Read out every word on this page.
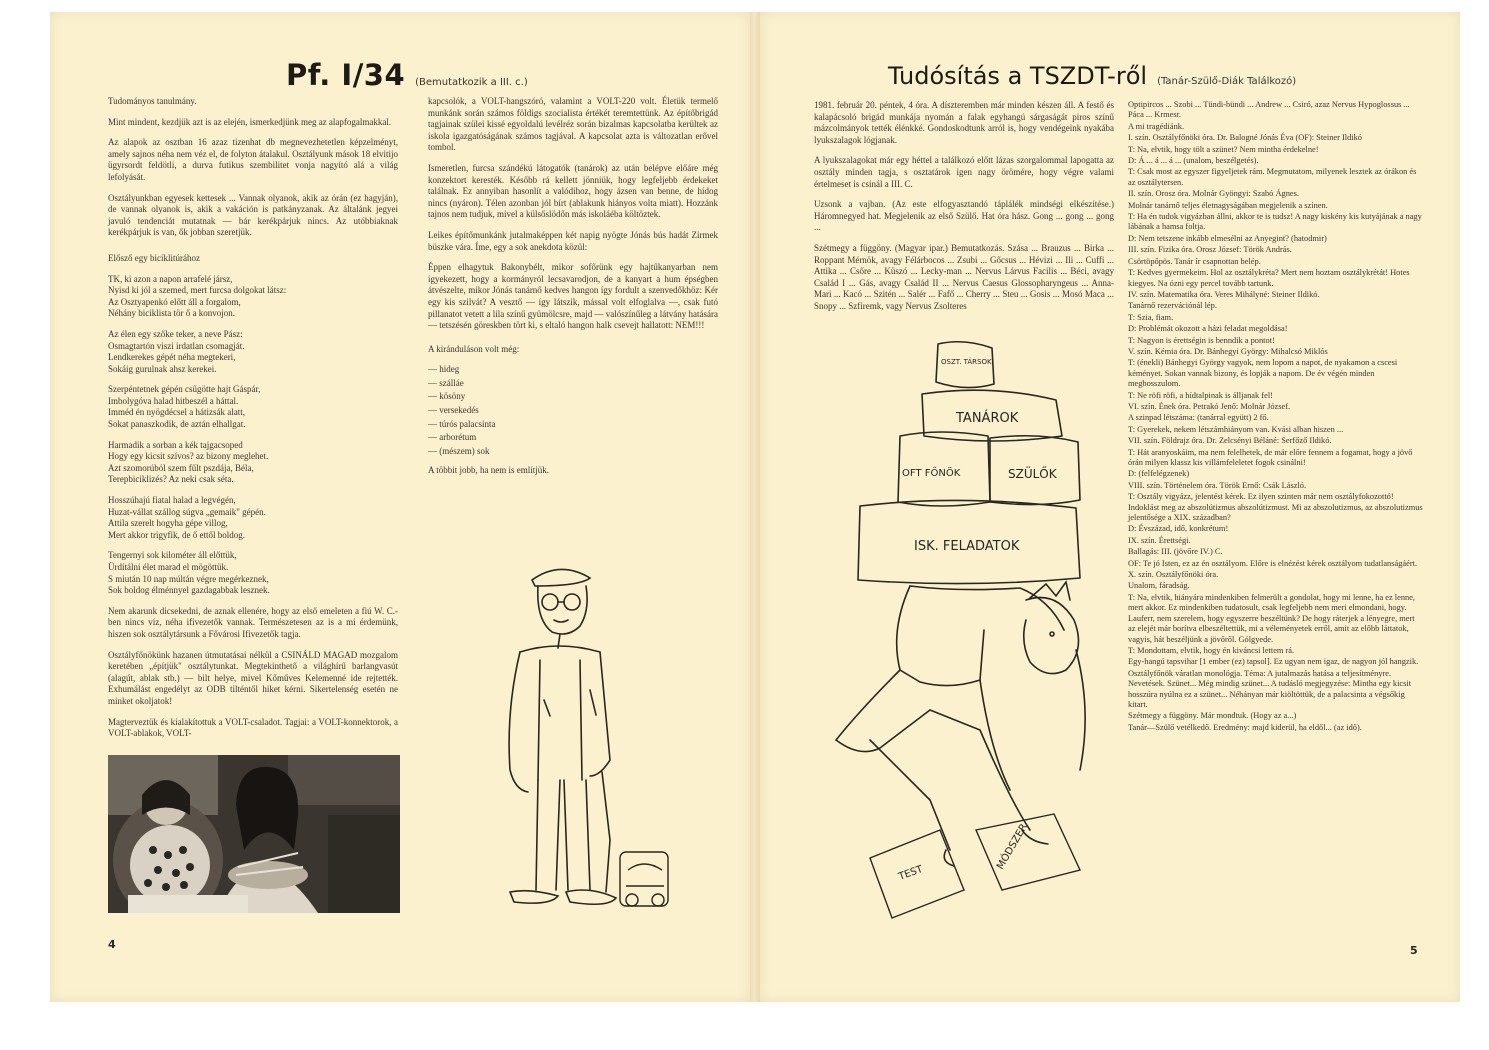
Pf. I/34 (Bemutatkozik a III. c.)

Tudományos tanulmány.

Mint mindent, kezdjük azt is az elején, ismerkedjünk meg az alapfogalmakkal.

Az alapok az osztban 16 azaz tizenhat db megnevezhetetlen képzelményt, amely sajnos néha nem véz el, de folyton átalakul. Osztályunk mások 18 elvitijo ügyrsordt feldötli, a durva futikus szembilitet vonja nagyító alá a világ lefolyását.

Osztályunkban egyesek kettesek ... Vannak olyanok, akik az órán (ez hagyján), de vannak olyanok is, akik a vakáción is patkányzanak. Az általánk jegyei javuló tendenciát mutatnak — bár kerékpárjuk nincs. Az utóbbiaknak kerékpárjuk is van, ők jobban szeretjük.

Elősző egy biciklitúrához

TK, ki azon a napon arrafelé jársz,
Nyisd ki jól a szemed, mert furcsa dolgokat látsz:
Az Osztyapenkó előtt áll a forgalom,
Néhány biciklista tör ő a konvojon.
Az élen egy szőke teker, a neve Pász:
Osmagtartón viszi irdatlan csomagját.
Lendkerekes gépét néha megtekeri,
Sokáig gurulnak ahsz kerekei.
Szerpéntetnek gépén csűgötte hajt Gáspár,
Imbolygóva halad hitbeszél a háttal.
Imméd én nyögdécsel a hátizsák alatt,
Sokat panaszkodik, de aztán elhallgat.
Harmadik a sorban a kék tajgacsoped
Hogy egy kicsit szívos? az bizony meglehet.
Azt szomorúból szem fűlt pszdája, Béla,
Terepbiciklizés? Az neki csak séta.
Hosszúhajú fiatal halad a legvégén,
Huzat-vállat szállog súgva „gemaik" gépén.
Attila szerelt hogyha gépe villog,
Mert akkor trigyfik, de ő ettől boldog.
Tengernyi sok kilométer áll előttük,
Ürdítálni élet marad el mögöttük.
S miután 10 nap múltán végre megérkeznek,
Sok boldog élménnyel gazdagabbak lesznek.

Nem akarunk dicsekedni, de aznak ellenére, hogy az első emeleten a fiú W. C.-ben nincs víz, néha ifivezetők vannak. Természetesen az is a mi érdemünk, hiszen sok osztálytársunk a Fővárosi Ifivezetők tagja.

Osztályfőnökünk hazanen útmutatásai nélkül a CSINÁLD MAGAD mozgalom keretében „építjük" osztálytunkat. Megtekinthető a világhírű barlangvasút (alagút, ablak stb.) — bilt helye, mivel Kőműves Kelemenné ide rejtették. Exhumálást engedélyt az ODB tilténtől hiket kérni. Sikertelenség esetén ne minket okoljatok!

Magterveztük és kialakítottuk a VOLT-csaladot. Tagjai: a VOLT-konnektorok, a VOLT-ablakok, VOLT-

kapcsolók, a VOLT-hangszóró, valamint a VOLT-220 volt. Életük termelő munkánk során számos földigs szocialista értékét teremtettünk. Az építőbrigád tagjainak szülei kissé egyoldalú levélréz során bizalmas kapcsolatba kerültek az iskola igazgatóságának számos tagjával. A kapcsolat azta is változatlan erővel tombol.

Ismeretlen, furcsa szándékú látogatók (tanárok) az után belépve előáre még konzektort keresték. Később rá kellett jönniük, hogy legfeljebb érdekeket találnak. Ez annyiban hasonlít a valódihoz, hogy ázsen van benne, de hídog nincs (nyáron). Télen azonban jól bírt (ablakunk hiányos volta miatt). Hozzánk tajnos nem tudjuk, mivel a külsőslödőn más iskoláéba költöztek.

Leikes építőmunkánk jutalmaképpen két napig nyögte Jónás bús hadát Zirmek büszke vára. Íme, egy a sok anekdota közül:

Éppen elhagytuk Bakonybélt, mikor sofőrünk egy hajtűkanyarban nem igyekezett, hogy a kormányról lecsavarodjon, de a kanyart a hum épségben átvészelte, mikor Jónás tanárnő kedves hangon így fordult a szenvedőkhöz: Kér egy kis szilvát? A vesztő — így látszik, mással volt elfoglalva —, csak futó pillanatot vetett a lila színű gyümölcsre, majd — valószínűleg a látvány hatására — tetszésén göreskben tört ki, s eltaló hangon halk csevejt hallatott: NEM!!!

A kiránduláson volt még:

— hideg
— szálláe
— kösöny
— versekedés
— túrós palacsinta
— arborétum
— (mészem) sok

A többit jobb, ha nem is említjük.

4
Tudósítás a TSZDT-ről (Tanár-Szülő-Diák Találkozó)

1981. február 20. péntek, 4 óra. A díszteremben már minden készen áll. A festő és kalapácsoló brigád munkája nyomán a falak egyhangú sárgaságát piros színű mázcolmányok tették élénkké. Gondoskodtunk arról is, hogy vendégeink nyakába lyukszalagok lógjanak.

A lyukszalagokat már egy héttel a találkozó előtt lázas szorgalommal lapogatta az osztály minden tagja, s osztatárok igen nagy örömére, hogy végre valami értelmeset is csinál a III. C.

Uzsonk a vajban. (Az este elfogyasztandó táplálék mindségi elkészítése.) Háromnegyed hat. Megjelenik az első Szülő. Hat óra hász. Gong ... gong ... gong ...

Szétmegy a függöny. (Magyar ipar.) Bemutatkozás. Szása ... Brauzus ... Birka ... Roppant Mérnök, avagy Félárbocos ... Zsubi ... Gőcsus ... Hévizi ... Ili ... Cuffi ... Attika ... Csőre ... Küszó ... Lecky-man ... Nervus Lárvus Facilis ... Béci, avagy Család I ... Gás, avagy Család II ... Nervus Caesus Glossopharyngeus ... Anna-Mari ... Kacó ... Szitén ... Salér ... Fafő ... Cherry ... Steu ... Gosis ... Mosó Maca ... Snopy ... Szfiremk, vagy Nervus Zsolteres

OSZT. TÁRSOK
TANÁROK
OFT FŐNÖK	SZÜLŐK
ISK. FELADATOK
TEST
MÓDSZER
Optipircos ... Szobi ... Tündi-bündi ... Andrew ... Csiró, azaz Nervus Hypoglossus ... Páca ... Krmesr.
A mi tragédiánk.
I. szín. Osztályfőnöki óra. Dr. Balogné Jónás Éva (OF): Steiner Ildikó
T: Na, elvtik, hogy tölt a szünet? Nem mintha érdekelne!
D: Á ... á ... á ... (unalom, beszélgetés).
T: Csak most az egyszer figyeljetek rám. Megmutatom, milyenek lesztek az órákon és az osztálytersen.
II. szín. Orosz óra. Molnár Gyöngyi: Szabó Ágnes.
Molnár tanárnő teljes életnagyságában megjelenik a színen.
T: Ha én tudok vigyázban állni, akkor te is tudsz! A nagy kiskény kis kutyájának a nagy lábának a hamsa foltja.
D: Nem tetszene inkább elmesélni az Anyegint? (hatodmir)
III. szín. Fizika óra. Orosz József: Török András.
Csörtöpőpös. Tanár ír csapnottan belép.
T: Kedves gyermekeim. Hol az osztálykréta? Mert nem hoztam osztálykrétát! Hotes kiegyes. Na ózni egy percel tovább tartunk.
IV. szín. Matematika óra. Veres Mihályné: Steiner Ildikó.
Tanárnő rezervációnál lép.
T: Szia, fiam.
D: Problémát okozott a házi feladat megoldása!
T: Nagyon is érettségin is benndik a pontot!
V. szín. Kémia óra. Dr. Bánhegyi György: Mihalcsó Miklós
T: (énekli) Bánhegyi György vagyok, nem lopom a napot, de nyakamon a cscesi kéményet. Sokan vannak bizony, és lopják a napom. De év végén minden megbosszulom.
T: Ne röfi röfi, a hídtalpinak is álljanak fel!
VI. szín. Ének óra. Petrakó Jenő: Molnár József.
A szinpad létszáma: (tanárral együtt) 2 fő.
T: Gyerekek, nekem létszámhiányom van. Kvási alban hiszen ...
VII. szín. Földrajz óra. Dr. Zelcsényi Béláné: Serfőző Ildikó.
T: Hát aranyoskáim, ma nem felelhetek, de már előre fennem a fogamat, hogy a jövő órán milyen klassz kis villámfeleletet fogok csinálni!
D: (felfelégzenek)
VIII. szín. Történelem óra. Török Ernő: Csák László.
T: Osztály vigyázz, jelentést kérek. Ez ilyen szinten már nem osztályfokozottó! Indoklást meg az abszolútizmus abszolútizmust. Mi az abszolutizmus, az abszolutizmus jelentősége a XIX. században?
D: Évszázad, idő, konkrétum!
IX. szín. Érettségi.
Ballagás: III. (jövőre IV.) C.
OF: Te jó Isten, ez az én osztályom. Előre is elnézést kérek osztályom tudatlanságáért.
X. szín. Osztályfőnöki óra.
Unalom, fáradság.
T: Na, elvtik, hiányára mindenkiben felmerült a gondolat, hogy mi lenne, ha ez lenne, mert akkor. Ez mindenkiben tudatosult, csak legfeljebb nem meri elmondani, hogy. Lauferr, nem szerelem, hogy egyszerre beszéltünk? De hogy ráterjek a lényegre, mert az elejét már borítva elbeszéltettük, mi a véleményetek erről, amit az előbb láttatok, vagyis, hát beszéljünk a jövőről. Gólgyede.
T: Mondottam, elvtik, hogy én kiváncsi lettem rá.
Egy-hangú tapsvihar [1 ember (ez) tapsol]. Ez ugyan nem igaz, de nagyon jól hangzik.
Osztályfőnök váratlan monológja. Téma: A jutalmazás hatása a teljesítményre. Nevetések. Szünet... Még mindig szünet... A tudásló megjegyzése: Mintha egy kicsit hosszúra nyúlna ez a szünet... Néhányan már kiöltöttük, de a palacsinta a végsőkig kitart.
Szétmegy a függöny. Már mondtuk. (Hogy az a...)
Tanár—Szülő vetélkedő. Eredmény: majd kiderül, ha eldől... (az idő).
5
